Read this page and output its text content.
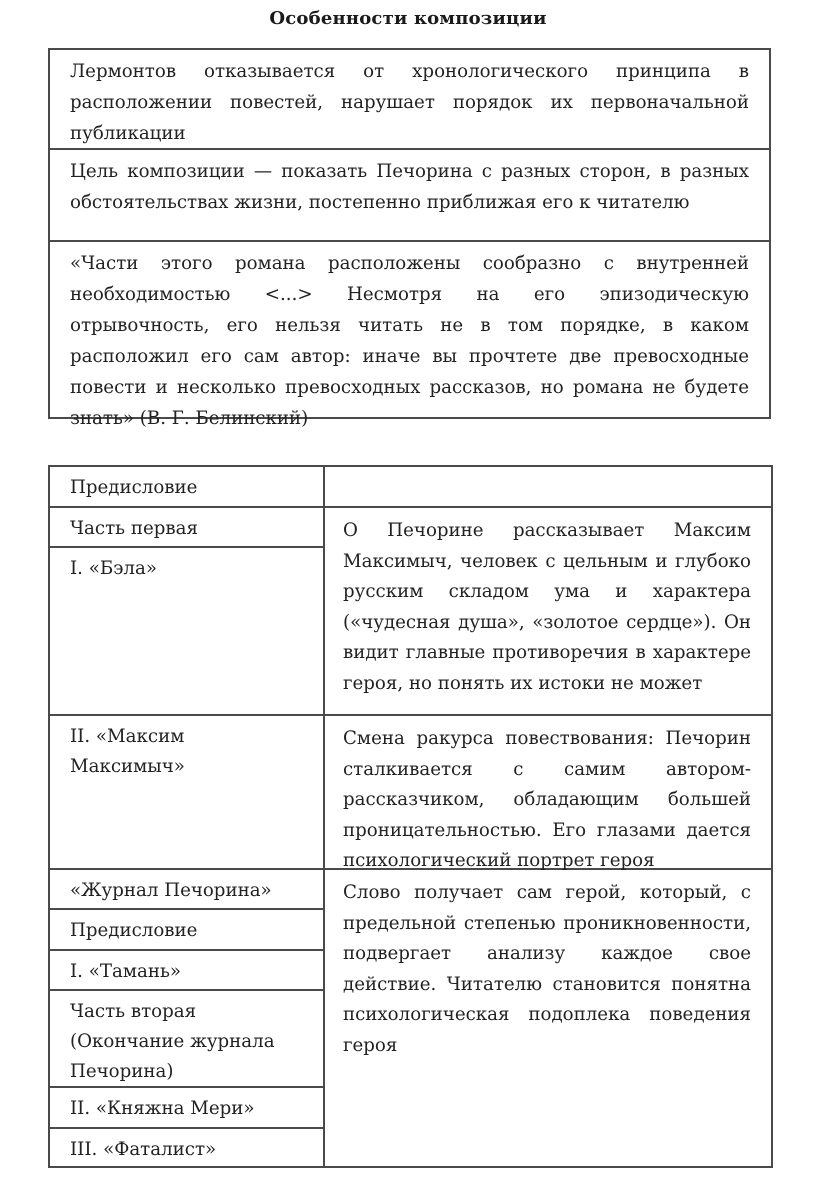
Особенности композиции
Лермонтов отказывается от хронологического принципа в расположении повестей, нарушает порядок их первоначальной публикации
Цель композиции — показать Печорина с разных сторон, в разных обстоятельствах жизни, постепенно приближая его к читателю
«Части этого романа расположены сообразно с внутренней необходимостью <...> Несмотря на его эпизодическую отрывочность, его нельзя читать не в том порядке, в каком расположил его сам автор: иначе вы прочтете две превосходные повести и несколько превосходных рассказов, но романа не будете знать» (В. Г. Белинский)
Предисловие
Часть первая
I. «Бэла»
II. «Максим Максимыч»
«Журнал Печорина»
Предисловие
I. «Тамань»
Часть вторая (Окончание журнала Печорина)
II. «Княжна Мери»
III. «Фаталист»

О Печорине рассказывает Максим Максимыч, человек с цельным и глубоко русским складом ума и характера («чудесная душа», «золотое сердце»). Он видит главные противоречия в характере героя, но понять их истоки не может

Смена ракурса повествования: Печорин сталкивается с самим автором-рассказчиком, обладающим большей проницательностью. Его глазами дается психологический портрет героя

Слово получает сам герой, который, с предельной степенью проникновенности, подвергает анализу каждое свое действие. Читателю становится понятна психологическая подоплека поведения героя
